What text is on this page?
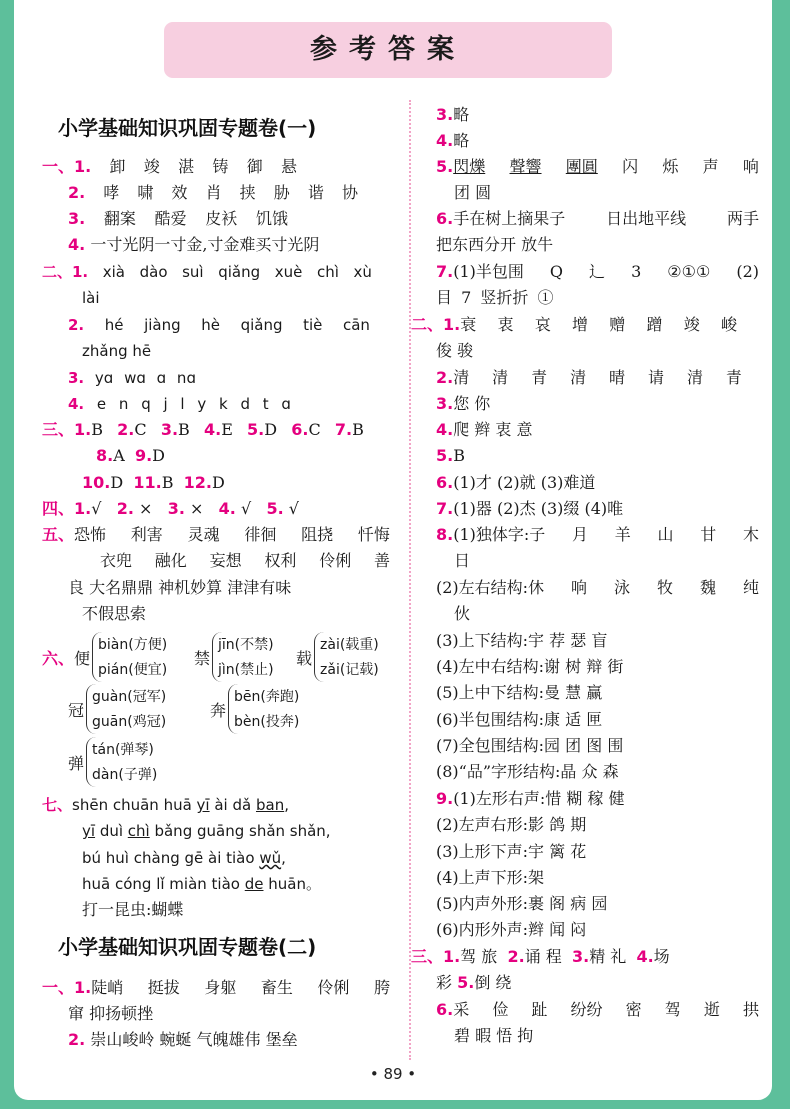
参考答案
小学基础知识巩固专题卷(一)
一、1. 卸 竣 湛 铸 御 悬
2. 哮 啸 效 肖 挟 胁 谐 协
3. 翻案 酷爱 皮袄 饥饿
4. 一寸光阴一寸金,寸金难买寸光阴
二、1. xià dào suì qiǎng xuè chì xù
lài
2. hé jiàng hè qiǎng tiè cān
zhǎng hē
3. yɑ wɑ ɑ nɑ
4. e n q j l y k d t ɑ
三、1.B 2.C 3.B 4.E 5.D 6.C 7.B
8.A 9.D
10.D 11.B 12.D
四、1.√ 2. × 3. × 4. √ 5. √
五、恐怖 利害 灵魂 徘徊 阻挠 忏悔
衣兜 融化 妄想 权利 伶俐 善
良 大名鼎鼎 神机妙算 津津有味
不假思索
六、 便
biàn(方便)
pián(便宜)
禁
jīn(不禁)
jìn(禁止)
载
zài(载重)
zǎi(记载)
冠
guàn(冠军)
guān(鸡冠)
奔
bēn(奔跑)
bèn(投奔)
弹
tán(弹琴)
dàn(子弹)
七、shēn chuān huā yī ài dǎ ban,
yī duì chì bǎng guāng shǎn shǎn,
bú huì chàng gē ài tiào wǔ,
huā cóng lǐ miàn tiào de huān。
打一昆虫:蝴蝶
小学基础知识巩固专题卷(二)
一、1.陡峭 挺拔 身躯 畜生 伶俐 胯
窜 抑扬顿挫
2. 崇山峻岭 蜿蜒 气魄雄伟 堡垒
3.略
4.略
5.閃爍 聲響 團圓 闪 烁 声 响
团 圆
6.手在树上摘果子	日出地平线	两手
把东西分开 放牛
7.(1)半包围 Q 辶 3 ②①① (2)
目 7 竖折折 ①
二、1.衰 衷 哀 增 赠 蹭 竣 峻
俊 骏
2.清 清 青 清 晴 请 清 青
3.您 你
4.爬 辫 衷 意
5.B
6.(1)才 (2)就 (3)难道
7.(1)器 (2)杰 (3)缀 (4)唯
8.(1)独体字:子 月 羊 山 甘 木
日
(2)左右结构:休 响 泳 牧 魏 纯
伙
(3)上下结构:宇 荐 瑟 盲
(4)左中右结构:谢 树 辩 街
(5)上中下结构:曼 慧 赢
(6)半包围结构:康 适 匣
(7)全包围结构:园 团 图 围
(8)“品”字形结构:晶 众 森
9.(1)左形右声:惜 糊 稼 健
(2)左声右形:影 鸽 期
(3)上形下声:宇 篱 花
(4)上声下形:架
(5)内声外形:裹 阁 病 园
(6)内形外声:辫 闻 闷
三、1.驾 旅 2.诵 程 3.精 礼 4.场
彩 5.倒 绕
6.采 俭 趾 纷纷 密 驾 逝 拱
碧 暇 悟 拘
• 89 •
